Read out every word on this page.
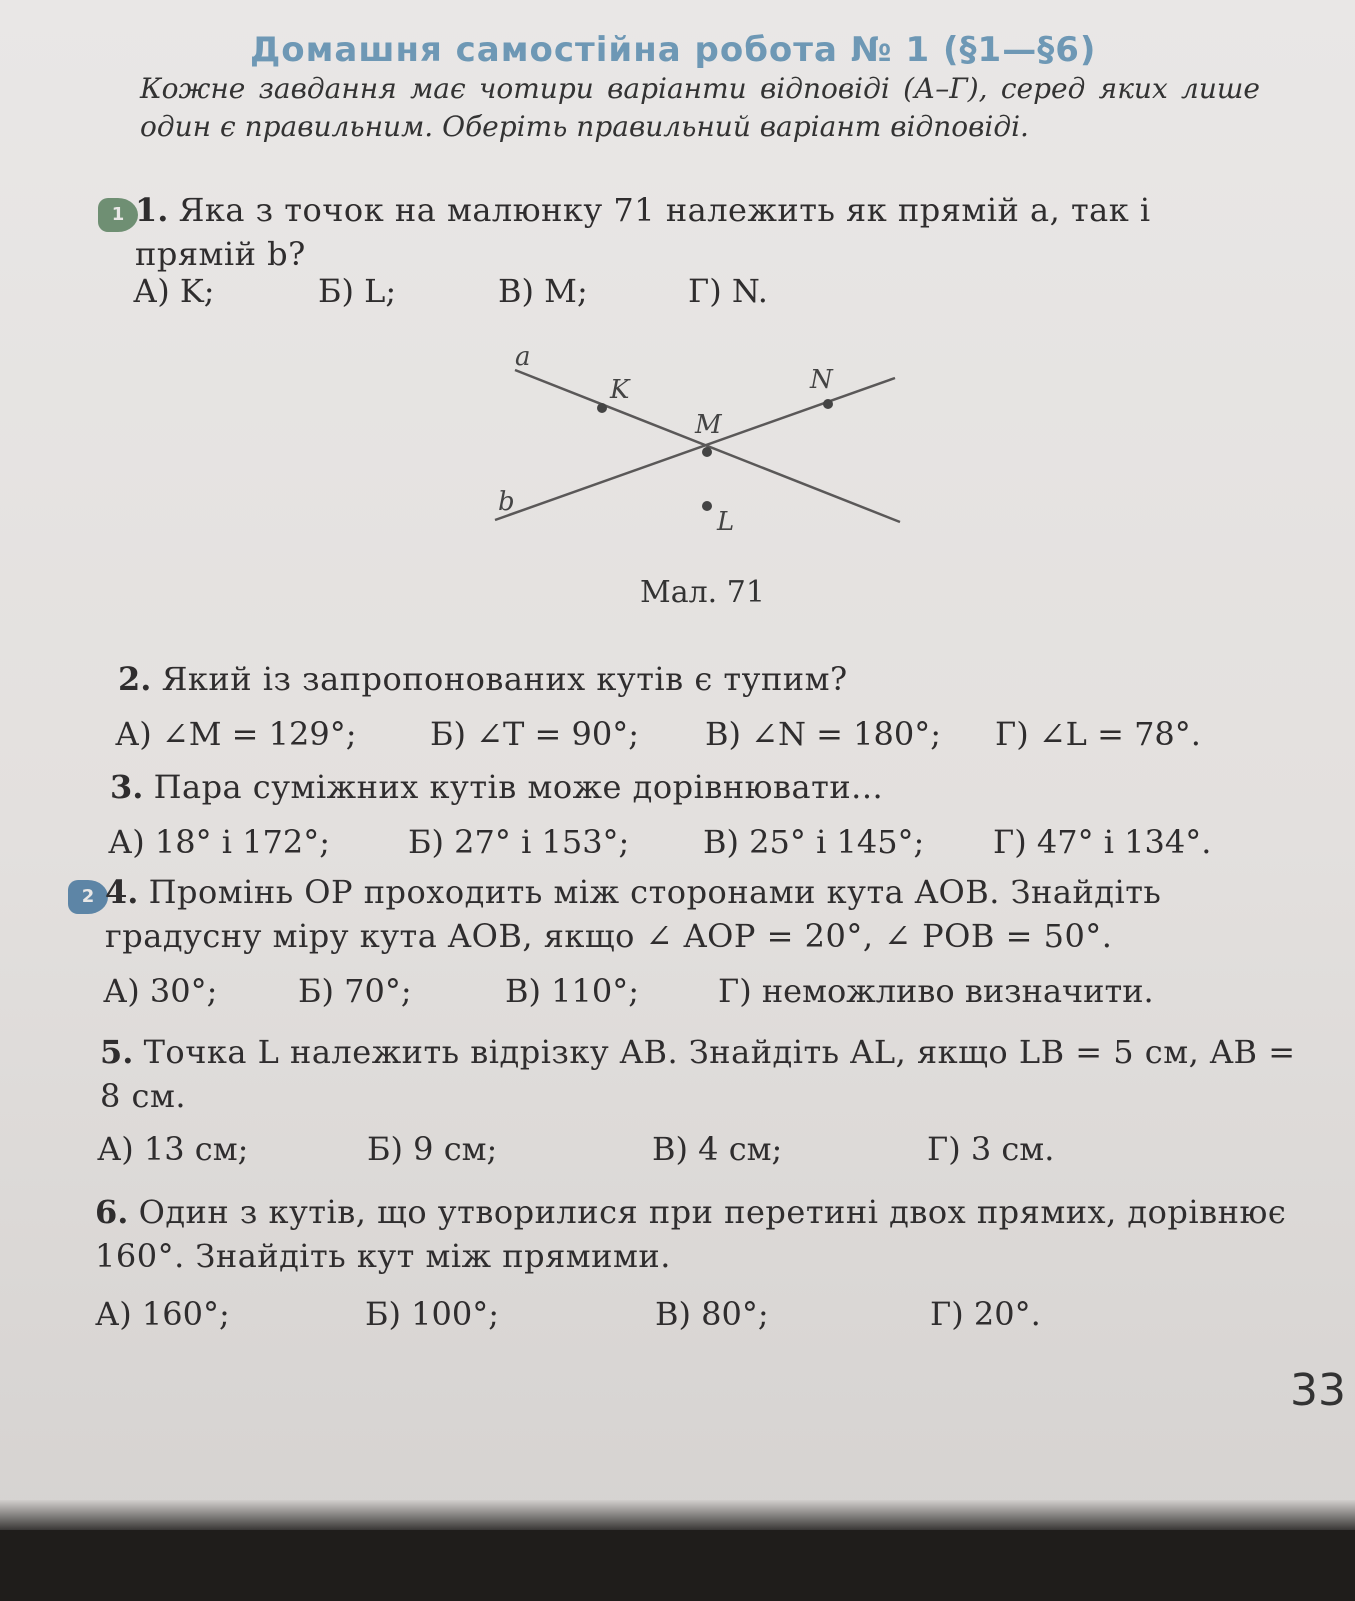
Домашня самостійна робота № 1 (§1—§6)
Кожне завдання має чотири варіанти відповіді (А–Г), серед яких лише один є правильним. Оберіть правильний варіант відповіді.
1 1. Яка з точок на малюнку 71 належить як прямій a, так і прямій b?
А) K;	Б) L;	В) M;	Г) N.
a
b
K
M
N
L
Мал. 71
2. Який із запропонованих кутів є тупим?
А) ∠M = 129°; Б) ∠T = 90°; В) ∠N = 180°; Г) ∠L = 78°.
3. Пара суміжних кутів може дорівнювати...
А) 18° і 172°; Б) 27° і 153°; В) 25° і 145°; Г) 47° і 134°.
2 4. Промінь OP проходить між сторонами кута AOB. Знайдіть градусну міру кута AOB, якщо ∠ AOP = 20°, ∠ POB = 50°.
А) 30°;	Б) 70°;	В) 110°; Г) неможливо визначити.
5. Точка L належить відрізку AB. Знайдіть AL, якщо LB = 5 см, AB = 8 см.
А) 13 см;	Б) 9 см;	В) 4 см;	Г) 3 см.
6. Один з кутів, що утворилися при перетині двох прямих, дорівнює 160°. Знайдіть кут між прямими.
А) 160°;	Б) 100°;	В) 80°;	Г) 20°.
33
